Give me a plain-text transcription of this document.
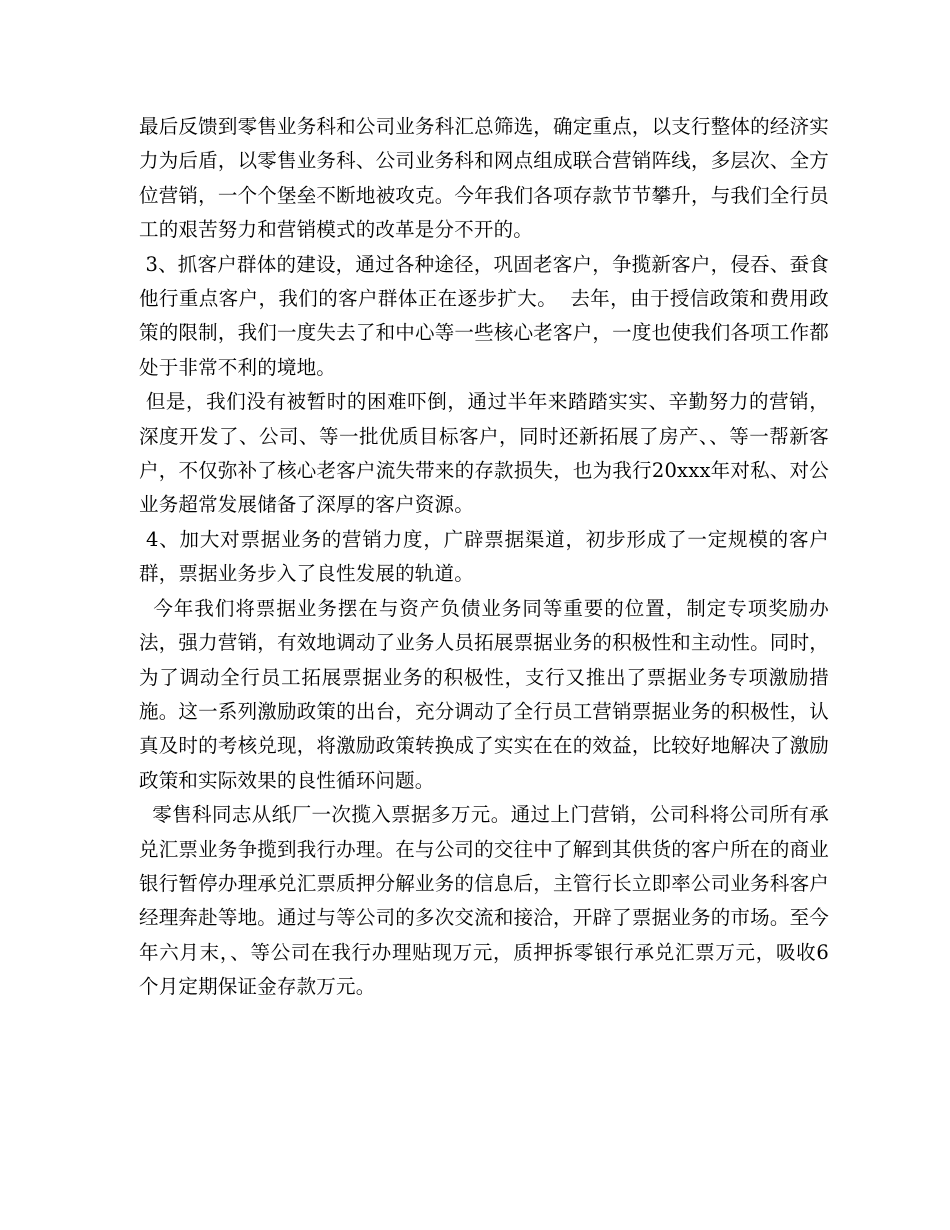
最后反馈到零售业务科和公司业务科汇总筛选，确定重点，以支行整体的经济实力为后盾，以零售业务科、公司业务科和网点组成联合营销阵线，多层次、全方位营销，一个个堡垒不断地被攻克。今年我们各项存款节节攀升，与我们全行员工的艰苦努力和营销模式的改革是分不开的。

3、抓客户群体的建设，通过各种途径，巩固老客户，争揽新客户，侵吞、蚕食他行重点客户，我们的客户群体正在逐步扩大。  去年，由于授信政策和费用政策的限制，我们一度失去了和中心等一些核心老客户，一度也使我们各项工作都处于非常不利的境地。

但是，我们没有被暂时的困难吓倒，通过半年来踏踏实实、辛勤努力的营销，深度开发了、公司、等一批优质目标客户，同时还新拓展了房产、、等一帮新客户，不仅弥补了核心老客户流失带来的存款损失，也为我行20xxx年对私、对公业务超常发展储备了深厚的客户资源。

4、加大对票据业务的营销力度，广辟票据渠道，初步形成了一定规模的客户群，票据业务步入了良性发展的轨道。

今年我们将票据业务摆在与资产负债业务同等重要的位置，制定专项奖励办法，强力营销，有效地调动了业务人员拓展票据业务的积极性和主动性。同时，为了调动全行员工拓展票据业务的积极性，支行又推出了票据业务专项激励措施。这一系列激励政策的出台，充分调动了全行员工营销票据业务的积极性，认真及时的考核兑现，将激励政策转换成了实实在在的效益，比较好地解决了激励政策和实际效果的良性循环问题。

零售科同志从纸厂一次揽入票据多万元。通过上门营销，公司科将公司所有承兑汇票业务争揽到我行办理。在与公司的交往中了解到其供货的客户所在的商业银行暂停办理承兑汇票质押分解业务的信息后，主管行长立即率公司业务科客户经理奔赴等地。通过与等公司的多次交流和接洽，开辟了票据业务的市场。至今年六月末，、等公司在我行办理贴现万元，质押拆零银行承兑汇票万元，吸收6个月定期保证金存款万元。
